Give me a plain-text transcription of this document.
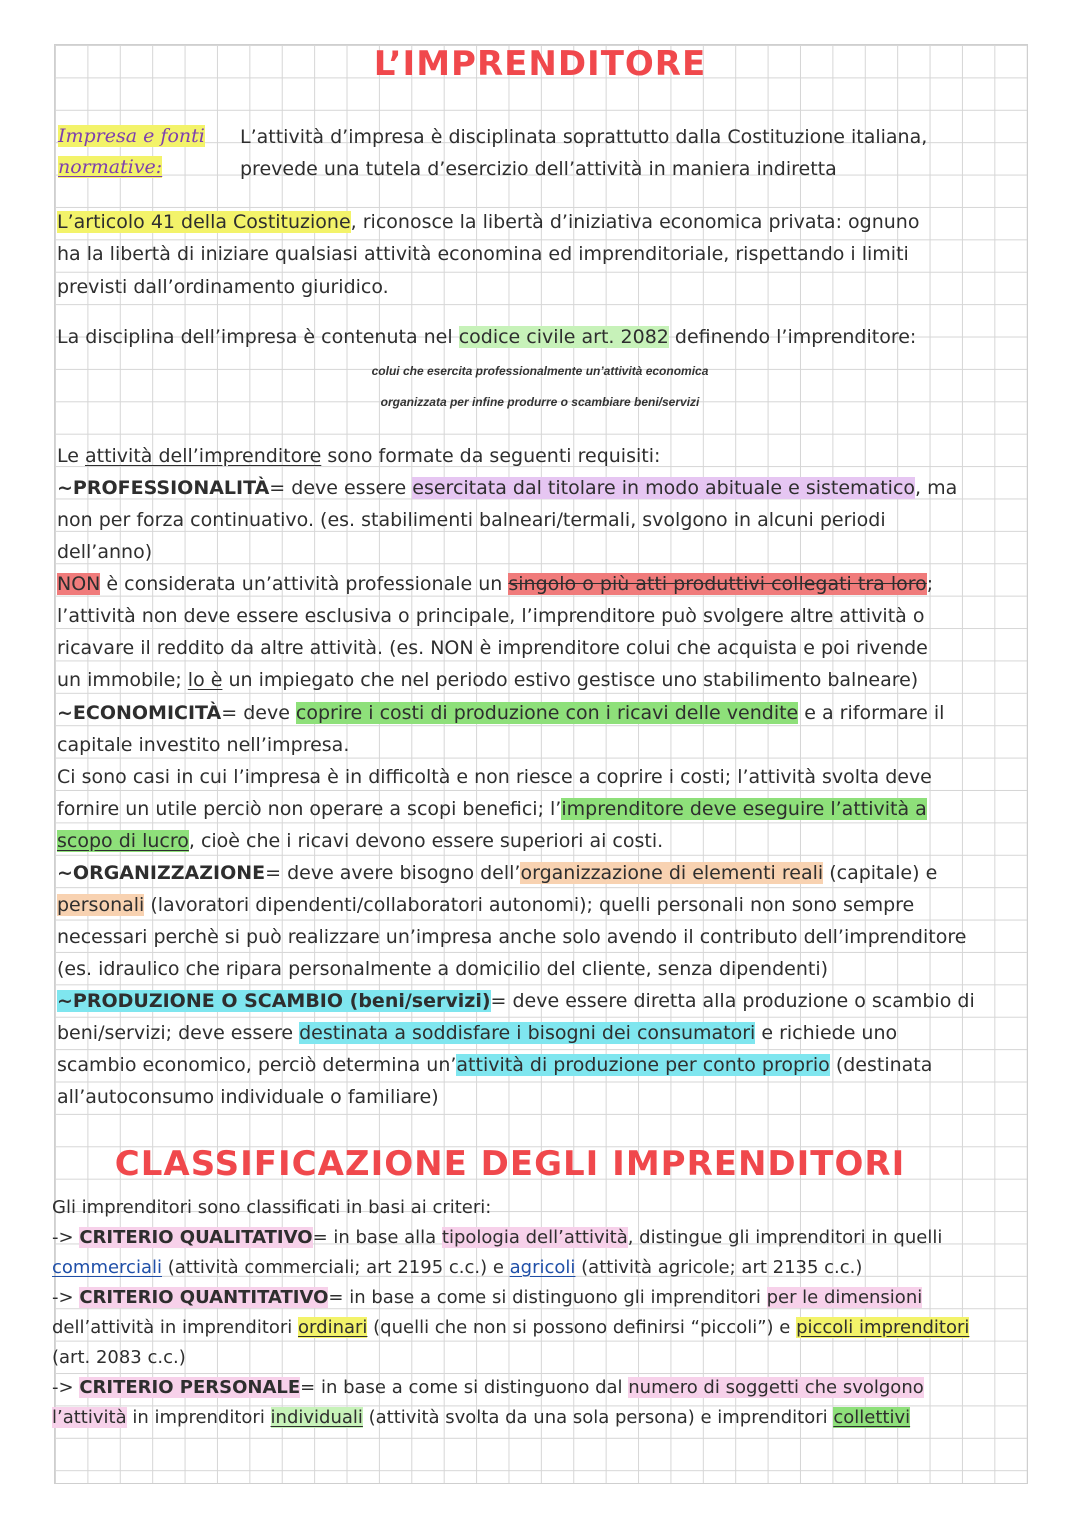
L’IMPRENDITORE
Impresa e fonti
normative:
L’attività d’impresa è disciplinata soprattutto dalla Costituzione italiana,
prevede una tutela d’esercizio dell’attività in maniera indiretta
L’articolo 41 della Costituzione, riconosce la libertà d’iniziativa economica privata: ognuno
ha la libertà di iniziare qualsiasi attività economina ed imprenditoriale, rispettando i limiti
previsti dall’ordinamento giuridico.
La disciplina dell’impresa è contenuta nel codice civile art. 2082 definendo l’imprenditore:
colui che esercita professionalmente un’attività economica
organizzata per infine produrre o scambiare beni/servizi
Le attività dell’imprenditore sono formate da seguenti requisiti:
~PROFESSIONALITÀ= deve essere esercitata dal titolare in modo abituale e sistematico, ma
non per forza continuativo. (es. stabilimenti balneari/termali, svolgono in alcuni periodi
dell’anno)
NON è considerata un’attività professionale un singolo o più atti produttivi collegati tra loro;
l’attività non deve essere esclusiva o principale, l’imprenditore può svolgere altre attività o
ricavare il reddito da altre attività. (es. NON è imprenditore colui che acquista e poi rivende
un immobile; lo è un impiegato che nel periodo estivo gestisce uno stabilimento balneare)
~ECONOMICITÀ= deve coprire i costi di produzione con i ricavi delle vendite e a riformare il
capitale investito nell’impresa.
Ci sono casi in cui l’impresa è in difficoltà e non riesce a coprire i costi; l’attività svolta deve
fornire un utile perciò non operare a scopi benefici; l’imprenditore deve eseguire l’attività a
scopo di lucro, cioè che i ricavi devono essere superiori ai costi.
~ORGANIZZAZIONE= deve avere bisogno dell’organizzazione di elementi reali (capitale) e
personali (lavoratori dipendenti/collaboratori autonomi); quelli personali non sono sempre
necessari perchè si può realizzare un’impresa anche solo avendo il contributo dell’imprenditore
(es. idraulico che ripara personalmente a domicilio del cliente, senza dipendenti)
~PRODUZIONE O SCAMBIO (beni/servizi)= deve essere diretta alla produzione o scambio di
beni/servizi; deve essere destinata a soddisfare i bisogni dei consumatori e richiede uno
scambio economico, perciò determina un’attività di produzione per conto proprio (destinata
all’autoconsumo individuale o familiare)
CLASSIFICAZIONE DEGLI IMPRENDITORI
Gli imprenditori sono classificati in basi ai criteri:
-> CRITERIO QUALITATIVO= in base alla tipologia dell’attività, distingue gli imprenditori in quelli
commerciali (attività commerciali; art 2195 c.c.) e agricoli (attività agricole; art 2135 c.c.)
-> CRITERIO QUANTITATIVO= in base a come si distinguono gli imprenditori per le dimensioni
dell’attività in imprenditori ordinari (quelli che non si possono definirsi “piccoli”) e piccoli imprenditori
(art. 2083 c.c.)
-> CRITERIO PERSONALE= in base a come si distinguono dal numero di soggetti che svolgono
l’attività in imprenditori individuali (attività svolta da una sola persona) e imprenditori collettivi
